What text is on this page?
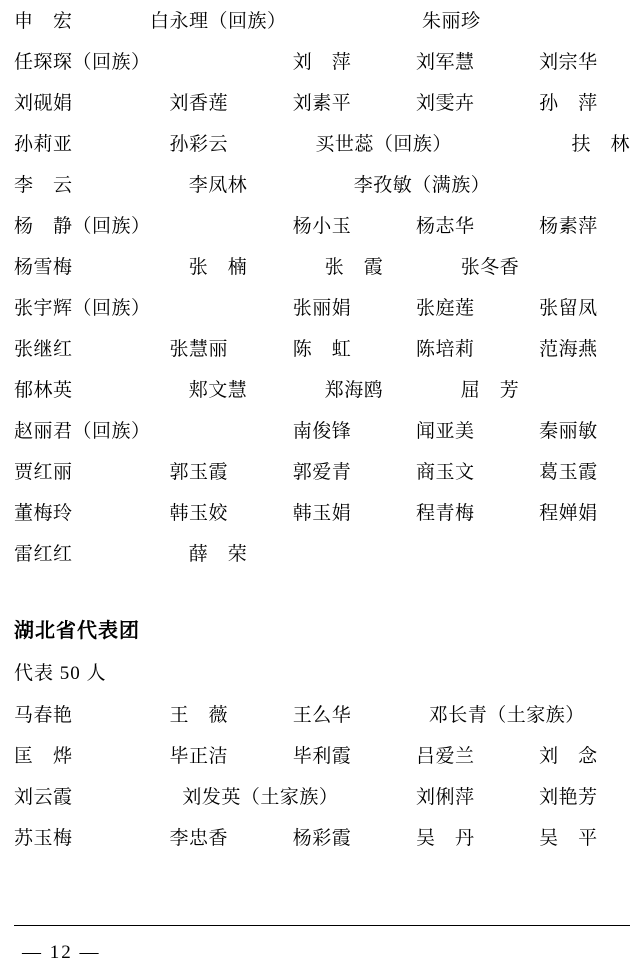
申　宏	白永理（回族）	朱丽珍
任琛琛（回族）	刘　萍	刘军慧	刘宗华
刘砚娟	刘香莲	刘素平	刘雯卉	孙　萍
孙莉亚	孙彩云	买世蕊（回族）	扶　林
李　云	李凤林	李孜敏（满族）
杨　静（回族）	杨小玉	杨志华	杨素萍
杨雪梅	张　楠	张　霞	张冬香
张宇辉（回族）	张丽娟	张庭莲	张留凤
张继红	张慧丽	陈　虹	陈培莉	范海燕
郁林英	郏文慧	郑海鸥	屈　芳
赵丽君（回族）	南俊锋	闻亚美	秦丽敏
贾红丽	郭玉霞	郭爱青	商玉文	葛玉霞
董梅玲	韩玉姣	韩玉娟	程青梅	程婵娟
雷红红	薛　荣
湖北省代表团
代表 50 人
马春艳	王　薇	王么华	邓长青（土家族）
匡　烨	毕正洁	毕利霞	吕爱兰	刘　念
刘云霞	刘发英（土家族）	刘俐萍	刘艳芳
苏玉梅	李忠香	杨彩霞	吴　丹	吴　平
— 12 —
